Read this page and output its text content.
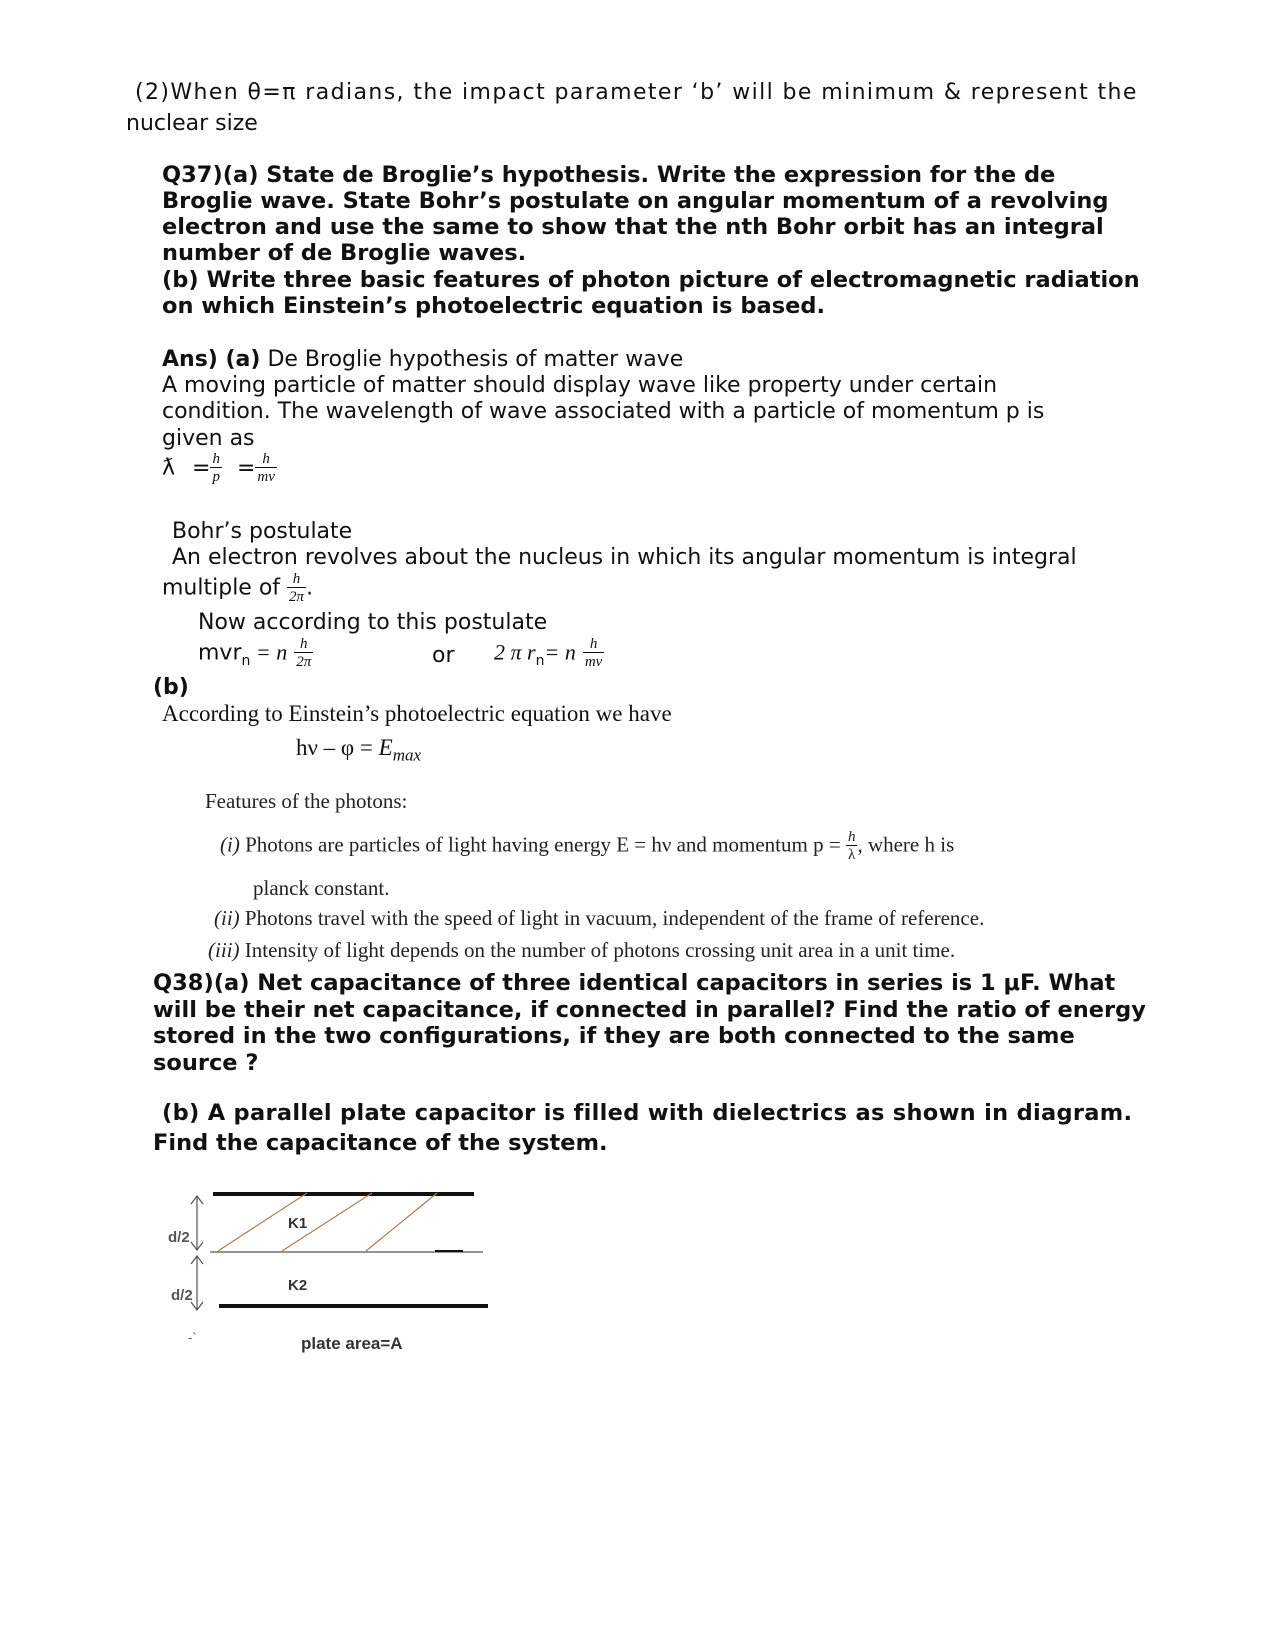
(2)When θ=π radians, the impact parameter ‘b’ will be minimum & represent the
nuclear size
Q37)(a) State de Broglie’s hypothesis. Write the expression for the de
Broglie wave. State Bohr’s postulate on angular momentum of a revolving
electron and use the same to show that the nth Bohr orbit has an integral
number of de Broglie waves.
(b) Write three basic features of photon picture of electromagnetic radiation
on which Einstein’s photoelectric equation is based.
Ans) (a) De Broglie hypothesis of matter wave
A moving particle of matter should display wave like property under certain
condition. The wavelength of wave associated with a particle of momentum p is
given as
ƛ = $\frac{h}{p} = \frac{h}{mv}$
Bohr’s postulate
An electron revolves about the nucleus in which its angular momentum is integral
multiple of $\frac{h}{2\pi}$ .
Now according to this postulate
mvr$_n$ = n $\frac{h}{2\pi}$	or 2 π $r_n= n \frac{h}{mv}$
(b)
According to Einstein’s photoelectric equation we have
$h\nu - \varphi = E_{max}$
Features of the photons:
(i) Photons are particles of light having energy E = hν and momentum $p = \frac{h}{\lambda}$ , where h is
planck constant.
(ii) Photons travel with the speed of light in vacuum, independent of the frame of reference.
(iii) Intensity of light depends on the number of photons crossing unit area in a unit time.
Q38)(a) Net capacitance of three identical capacitors in series is 1 μF. What
will be their net capacitance, if connected in parallel? Find the ratio of energy
stored in the two configurations, if they are both connected to the same
source ?
(b) A parallel plate capacitor is filled with dielectrics as shown in diagram.
Find the capacitance of the system.
d/2
d/2
K1
K2
-`	plate area=A
